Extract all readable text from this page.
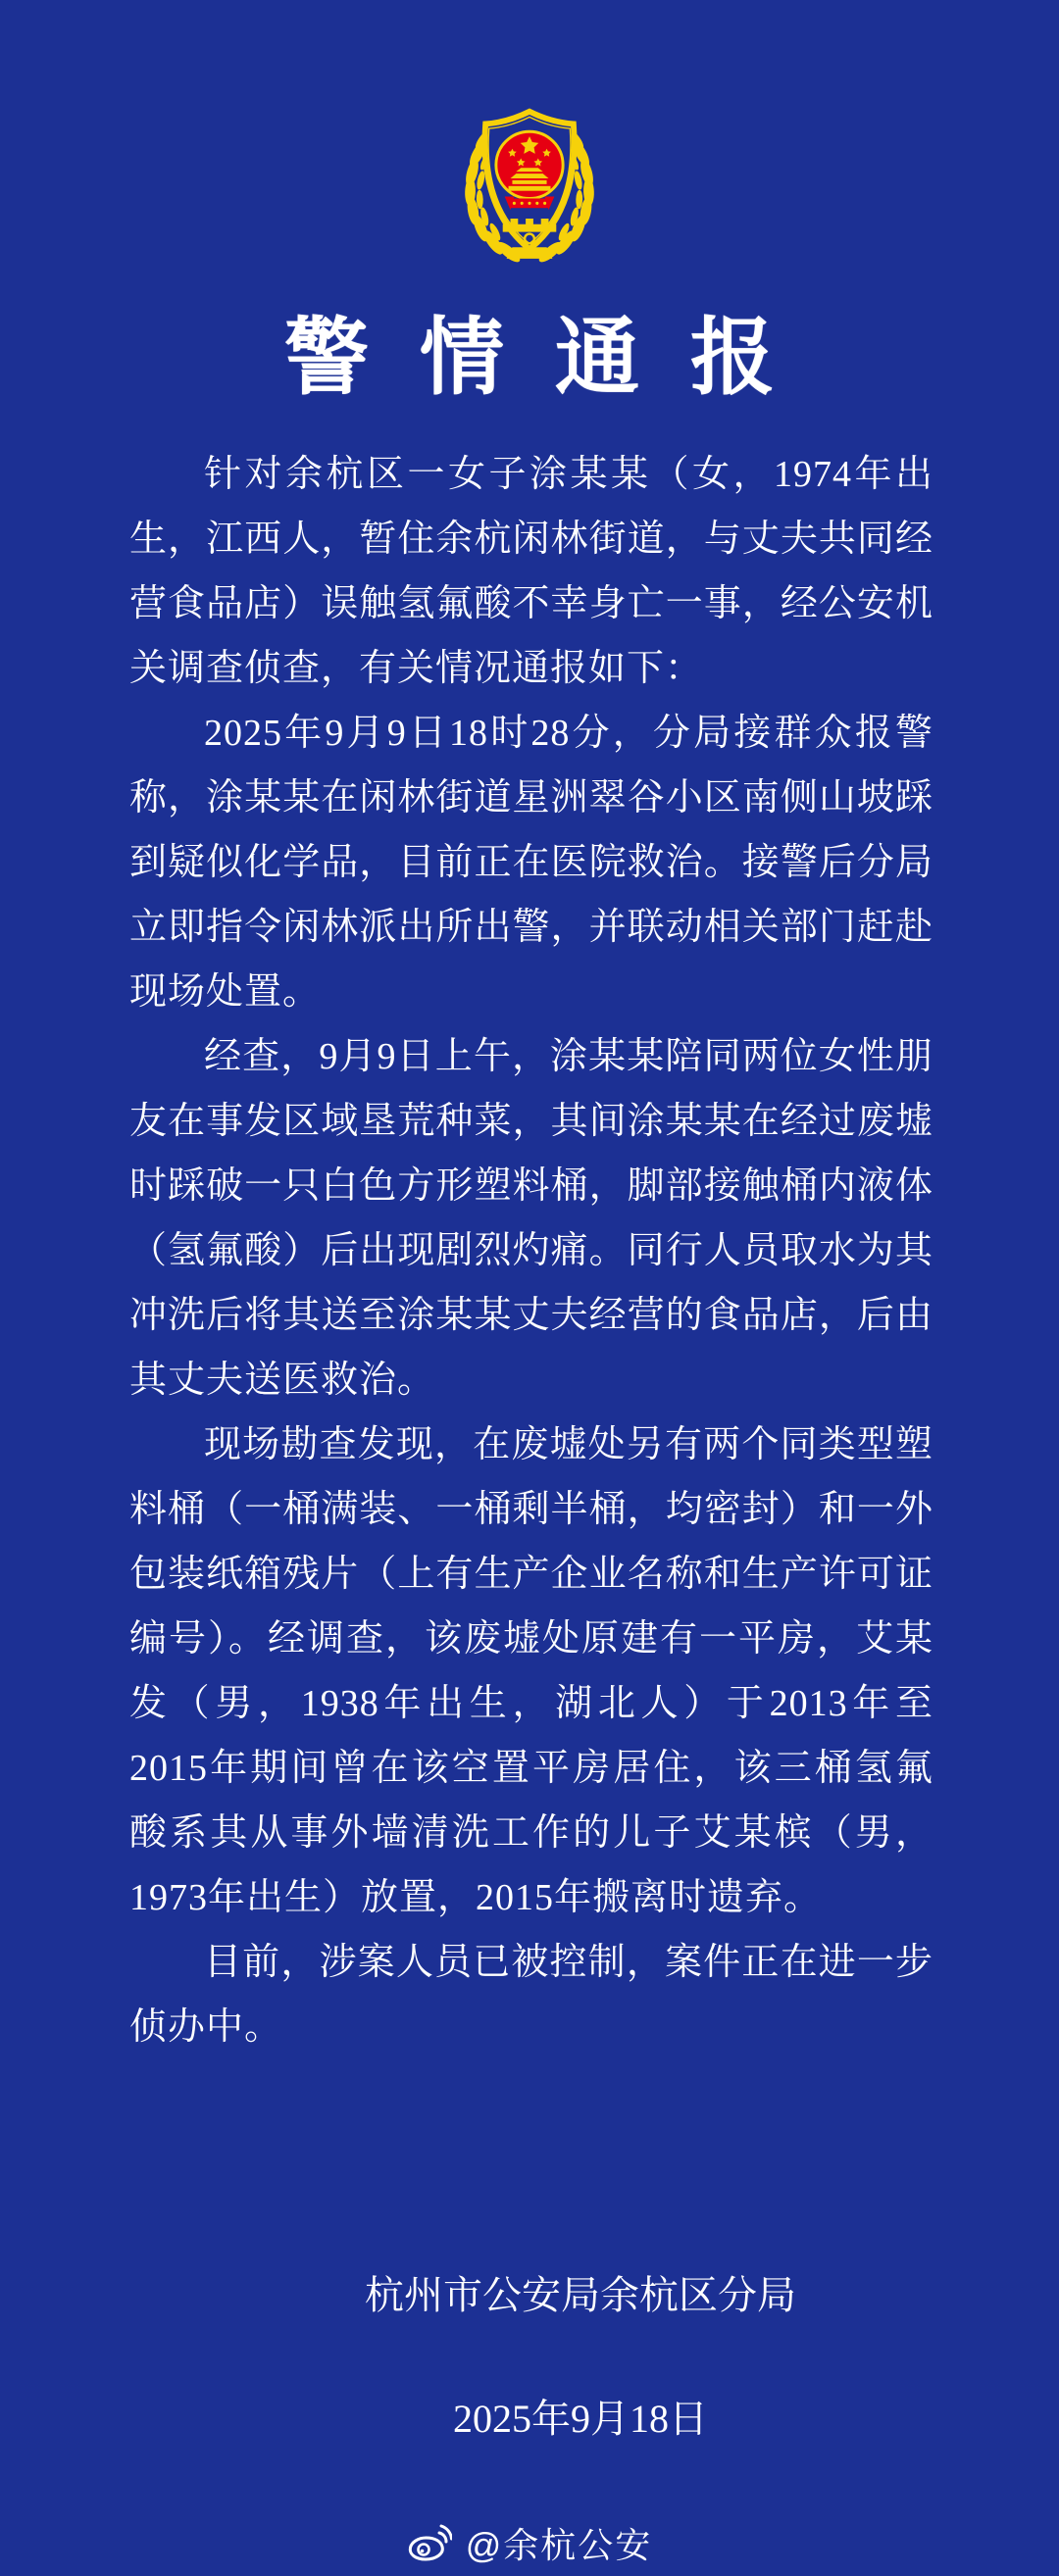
警情通报

针对余杭区一女子涂某某（女，1974年出生，江西人，暂住余杭闲林街道，与丈夫共同经营食品店）误触氢氟酸不幸身亡一事，经公安机关调查侦查，有关情况通报如下：

2025年9月9日18时28分，分局接群众报警称，涂某某在闲林街道星洲翠谷小区南侧山坡踩到疑似化学品，目前正在医院救治。接警后分局立即指令闲林派出所出警，并联动相关部门赶赴现场处置。

经查，9月9日上午，涂某某陪同两位女性朋友在事发区域垦荒种菜，其间涂某某在经过废墟时踩破一只白色方形塑料桶，脚部接触桶内液体（氢氟酸）后出现剧烈灼痛。同行人员取水为其冲洗后将其送至涂某某丈夫经营的食品店，后由其丈夫送医救治。

现场勘查发现，在废墟处另有两个同类型塑料桶（一桶满装、一桶剩半桶，均密封）和一外包装纸箱残片（上有生产企业名称和生产许可证编号）。经调查，该废墟处原建有一平房，艾某发（男，1938年出生，湖北人）于2013年至2015年期间曾在该空置平房居住，该三桶氢氟酸系其从事外墙清洗工作的儿子艾某槟（男，1973年出生）放置，2015年搬离时遗弃。

目前，涉案人员已被控制，案件正在进一步侦办中。

杭州市公安局余杭区分局
2025年9月18日
@余杭公安
